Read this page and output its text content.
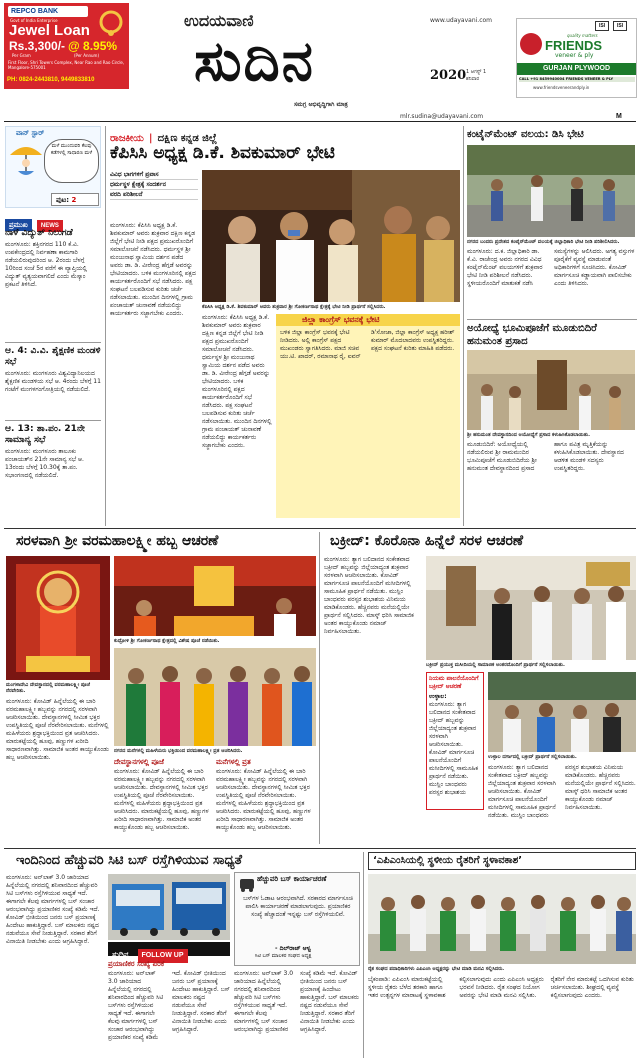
REPCO BANK
Govt of India Enterprise
Jewel Loan
Rs.3,300/- @ 8.95%
Per Gram	(Per Annum)
First Floor, Shri Towers Complex, Near Rao and Rao Circle, Mangalore-575001
PH: 0824-2443810, 9449833810
ಉದಯವಾಣಿ	www.udayavani.com
ಸುದಿನ	2020 1 ಆಗಸ್ಟ್ 1
ಶನಿವಾರ
ಸಮಗ್ರ ಅಭಿವೃದ್ಧಿಗಾಗಿ ಮಾತ್ರ
mlr.sudina@udayavani.com	M
ISI	ISI
quality matters
FRIENDS
veneer & ply
GURJAN PLYWOOD
CALL +91 8459940004 FRIENDS VENEER & PLY
www.friendsveneerandply.in
ವಾನ್ ಸ್ಟಾರ್
ಮಳೆ ಮುಂದುವರಿ ಕೆಲವು ಕಡೆಗಳಲ್ಲಿ ಸಾಧಾರಣ ಮಳೆ
ಪುಟ: 2
ಪ್ರಮುಖ NEWS
ನಾಳೆ ವಿದ್ಯುತ್ ನಿಲುಗಡೆ
ಮಂಗಳೂರು: ಶಕ್ತಿನಗರದ 110 ಕೆ.ವಿ. ಉಪಕೇಂದ್ರದಲ್ಲಿ ನಿರ್ವಹಣಾ ಕಾಮಗಾರಿ ನಡೆಯಲಿರುವುದರಿಂದ ಆ. 2ರಂದು ಬೆಳಗ್ಗೆ 10ರಿಂದ ಸಂಜೆ 5ರ ವರೆಗೆ ಈ ವ್ಯಾಪ್ತಿಯಲ್ಲಿ ವಿದ್ಯುತ್ ವ್ಯತ್ಯಯವಾಗಲಿದೆ ಎಂದು ಮೆಸ್ಕಾಂ ಪ್ರಕಟನೆ ತಿಳಿಸಿದೆ.
ಆ. 4: ವಿ.ವಿ. ಶೈಕ್ಷಣಿಕ ಮಂಡಳಿ ಸಭೆ
ಮಂಗಳೂರು: ಮಂಗಳೂರು ವಿಶ್ವವಿದ್ಯಾನಿಲಯದ ಶೈಕ್ಷಣಿಕ ಮಂಡಳಿಯ ಸಭೆ ಆ. 4ರಂದು ಬೆಳಗ್ಗೆ 11 ಗಂಟೆಗೆ ಮಂಗಳಗಂಗೋತ್ರಿಯಲ್ಲಿ ನಡೆಯಲಿದೆ.
ಆ. 13: ತಾ.ಪಂ. 21ನೇ ಸಾಮಾನ್ಯ ಸಭೆ
ಮಂಗಳೂರು: ಮಂಗಳೂರು ತಾಲೂಕು ಪಂಚಾಯತ್‌ನ 21ನೇ ಸಾಮಾನ್ಯ ಸಭೆ ಆ. 13ರಂದು ಬೆಳಗ್ಗೆ 10.30ಕ್ಕೆ ತಾ.ಪಂ. ಸಭಾಂಗಣದಲ್ಲಿ ನಡೆಯಲಿದೆ.
ರಾಜಕೀಯ | ದಕ್ಷಿಣ ಕನ್ನಡ ಜಿಲ್ಲೆ
ಕೆಪಿಸಿಸಿ ಅಧ್ಯಕ್ಷ ಡಿ.ಕೆ. ಶಿವಕುಮಾರ್ ಭೇಟಿ
ವಿವಿಧ ಭಾಗಗಳಿಗೆ ಪ್ರವಾಸ
ಧರ್ಮಸ್ಥಳ ಕ್ಷೇತ್ರಕ್ಕೆ ಸಂದರ್ಶನ
ವರದಿ ಪರಿಶೀಲನೆ
ಮಂಗಳೂರು: ಕೆಪಿಸಿಸಿ ಅಧ್ಯಕ್ಷ ಡಿ.ಕೆ. ಶಿವಕುಮಾರ್ ಅವರು ಶುಕ್ರವಾರ ದಕ್ಷಿಣ ಕನ್ನಡ ಜಿಲ್ಲೆಗೆ ಭೇಟಿ ನೀಡಿ ಪಕ್ಷದ ಪ್ರಮುಖರೊಂದಿಗೆ ಸಮಾಲೋಚನೆ ನಡೆಸಿದರು. ಧರ್ಮಸ್ಥಳ ಶ್ರೀ ಮಂಜುನಾಥ ಸ್ವಾಮಿಯ ದರ್ಶನ ಪಡೆದ ಅವರು ಡಾ. ಡಿ. ವೀರೇಂದ್ರ ಹೆಗ್ಗಡೆ ಅವರನ್ನು ಭೇಟಿಯಾದರು. ಬಳಿಕ ಮಂಗಳೂರಿನಲ್ಲಿ ಪಕ್ಷದ ಕಾರ್ಯಕರ್ತರೊಂದಿಗೆ ಸಭೆ ನಡೆಸಿದರು. ಪಕ್ಷ ಸಂಘಟನೆ ಬಲಪಡಿಸುವ ಕುರಿತು ಚರ್ಚೆ ನಡೆಸಲಾಯಿತು. ಮುಂದಿನ ದಿನಗಳಲ್ಲಿ ಗ್ರಾಮ ಪಂಚಾಯತ್ ಚುನಾವಣೆ ನಡೆಯಲಿದ್ದು ಕಾರ್ಯಕರ್ತರು ಸಜ್ಜಾಗಬೇಕು ಎಂದರು.
ಕೆಪಿಸಿಸಿ ಅಧ್ಯಕ್ಷ ಡಿ.ಕೆ. ಶಿವಕುಮಾರ್ ಅವರು ಶುಕ್ರವಾರ ಶ್ರೀ ಗೋಕರ್ಣನಾಥ ಕ್ಷೇತ್ರಕ್ಕೆ ಭೇಟಿ ನೀಡಿ ಪ್ರಾರ್ಥನೆ ಸಲ್ಲಿಸಿದರು.
ಮಂಗಳೂರು: ಕೆಪಿಸಿಸಿ ಅಧ್ಯಕ್ಷ ಡಿ.ಕೆ. ಶಿವಕುಮಾರ್ ಅವರು ಶುಕ್ರವಾರ ದಕ್ಷಿಣ ಕನ್ನಡ ಜಿಲ್ಲೆಗೆ ಭೇಟಿ ನೀಡಿ ಪಕ್ಷದ ಪ್ರಮುಖರೊಂದಿಗೆ ಸಮಾಲೋಚನೆ ನಡೆಸಿದರು. ಧರ್ಮಸ್ಥಳ ಶ್ರೀ ಮಂಜುನಾಥ ಸ್ವಾಮಿಯ ದರ್ಶನ ಪಡೆದ ಅವರು ಡಾ. ಡಿ. ವೀರೇಂದ್ರ ಹೆಗ್ಗಡೆ ಅವರನ್ನು ಭೇಟಿಯಾದರು. ಬಳಿಕ ಮಂಗಳೂರಿನಲ್ಲಿ ಪಕ್ಷದ ಕಾರ್ಯಕರ್ತರೊಂದಿಗೆ ಸಭೆ ನಡೆಸಿದರು. ಪಕ್ಷ ಸಂಘಟನೆ ಬಲಪಡಿಸುವ ಕುರಿತು ಚರ್ಚೆ ನಡೆಸಲಾಯಿತು. ಮುಂದಿನ ದಿನಗಳಲ್ಲಿ ಗ್ರಾಮ ಪಂಚಾಯತ್ ಚುನಾವಣೆ ನಡೆಯಲಿದ್ದು ಕಾರ್ಯಕರ್ತರು ಸಜ್ಜಾಗಬೇಕು ಎಂದರು.
ಜಿಲ್ಲಾ ಕಾಂಗ್ರೆಸ್ ಭವನಕ್ಕೆ ಭೇಟಿ
ಬಳಿಕ ಜಿಲ್ಲಾ ಕಾಂಗ್ರೆಸ್ ಭವನಕ್ಕೆ ಭೇಟಿ ನೀಡಿದರು. ಅಲ್ಲಿ ಕಾಂಗ್ರೆಸ್ ಪಕ್ಷದ ಮುಖಂಡರು ಸ್ವಾಗತಿಸಿದರು. ಮಾಜಿ ಸಚಿವ ಯು.ಟಿ. ಖಾದರ್, ರಮಾನಾಥ ರೈ, ಐವನ್ ಡಿ'ಸೋಜಾ, ಜಿಲ್ಲಾ ಕಾಂಗ್ರೆಸ್ ಅಧ್ಯಕ್ಷ ಹರೀಶ್ ಕುಮಾರ್ ಮೊದಲಾದವರು ಉಪಸ್ಥಿತರಿದ್ದರು. ಪಕ್ಷದ ಸಂಘಟನೆ ಕುರಿತು ಮಾಹಿತಿ ಪಡೆದರು.
ಕಂಟೈನ್‌ಮೆಂಟ್ ವಲಯ: ಡಿಸಿ ಭೇಟಿ
ನಗರದ ಬಂದರು ಪ್ರದೇಶದ ಕಂಟೈನ್‌ಮೆಂಟ್ ವಲಯಕ್ಕೆ ಜಿಲ್ಲಾಧಿಕಾರಿ ಭೇಟಿ ನೀಡಿ ಪರಿಶೀಲಿಸಿದರು.
ಮಂಗಳೂರು: ದ.ಕ. ಜಿಲ್ಲಾಧಿಕಾರಿ ಡಾ. ಕೆ.ವಿ. ರಾಜೇಂದ್ರ ಅವರು ನಗರದ ವಿವಿಧ ಕಂಟೈನ್‌ಮೆಂಟ್ ವಲಯಗಳಿಗೆ ಶುಕ್ರವಾರ ಭೇಟಿ ನೀಡಿ ಪರಿಶೀಲನೆ ನಡೆಸಿದರು. ಸ್ಥಳೀಯರೊಂದಿಗೆ ಮಾತುಕತೆ ನಡೆಸಿ ಸಮಸ್ಯೆಗಳನ್ನು ಆಲಿಸಿದರು. ಅಗತ್ಯ ವಸ್ತುಗಳ ಪೂರೈಕೆಗೆ ವ್ಯವಸ್ಥೆ ಮಾಡುವಂತೆ ಅಧಿಕಾರಿಗಳಿಗೆ ಸೂಚಿಸಿದರು. ಕೋವಿಡ್ ಮಾರ್ಗಸೂಚಿ ಕಡ್ಡಾಯವಾಗಿ ಪಾಲಿಸಬೇಕು ಎಂದು ತಿಳಿಸಿದರು.
ಅಯೋಧ್ಯೆ ಭೂಮಿಪೂಜೆಗೆ ಮೂಡುಬಿದಿರೆ ಹನುಮಂತ ಪ್ರಸಾದ
ಶ್ರೀ ಹನುಮಂತ ದೇವಸ್ಥಾನದಿಂದ ಅಯೋಧ್ಯೆಗೆ ಪ್ರಸಾದ ಕಳುಹಿಸಿಕೊಡಲಾಯಿತು.
ಮೂಡುಬಿದಿರೆ: ಅಯೋಧ್ಯೆಯಲ್ಲಿ ನಡೆಯಲಿರುವ ಶ್ರೀ ರಾಮಮಂದಿರ ಭೂಮಿಪೂಜೆಗೆ ಮೂಡುಬಿದಿರೆಯ ಶ್ರೀ ಹನುಮಂತ ದೇವಸ್ಥಾನದಿಂದ ಪ್ರಸಾದ ಹಾಗೂ ಪವಿತ್ರ ಮೃತ್ತಿಕೆಯನ್ನು ಕಳುಹಿಸಿಕೊಡಲಾಯಿತು. ದೇವಸ್ಥಾನದ ಆಡಳಿತ ಮಂಡಳಿ ಸದಸ್ಯರು ಉಪಸ್ಥಿತರಿದ್ದರು.
ಸರಳವಾಗಿ ಶ್ರೀ ವರಮಹಾಲಕ್ಷ್ಮೀ ಹಬ್ಬ ಆಚರಣೆ
ಮಂಗಳಾದೇವಿ ದೇವಸ್ಥಾನದಲ್ಲಿ ವರಮಹಾಲಕ್ಷ್ಮೀ ಪೂಜೆ ನೆರವೇರಿತು.
ಮಂಗಳೂರು: ಕೋವಿಡ್ ಹಿನ್ನೆಲೆಯಲ್ಲಿ ಈ ಬಾರಿ ವರಮಹಾಲಕ್ಷ್ಮೀ ಹಬ್ಬವನ್ನು ನಗರದಲ್ಲಿ ಸರಳವಾಗಿ ಆಚರಿಸಲಾಯಿತು. ದೇವಸ್ಥಾನಗಳಲ್ಲಿ ಸೀಮಿತ ಭಕ್ತರ ಉಪಸ್ಥಿತಿಯಲ್ಲಿ ಪೂಜೆ ನೆರವೇರಿಸಲಾಯಿತು. ಮನೆಗಳಲ್ಲಿ ಮಹಿಳೆಯರು ಶ್ರದ್ಧಾಭಕ್ತಿಯಿಂದ ವ್ರತ ಆಚರಿಸಿದರು. ಮಾರುಕಟ್ಟೆಯಲ್ಲಿ ಹೂವು, ಹಣ್ಣುಗಳ ಖರೀದಿ ಸಾಧಾರಣವಾಗಿತ್ತು. ಸಾಮಾಜಿಕ ಅಂತರ ಕಾಯ್ದುಕೊಂಡು ಹಬ್ಬ ಆಚರಿಸಲಾಯಿತು.
ಕುದ್ರೋಳಿ ಶ್ರೀ ಗೋಕರ್ಣನಾಥ ಕ್ಷೇತ್ರದಲ್ಲಿ ವಿಶೇಷ ಪೂಜೆ ನಡೆಯಿತು.
ನಗರದ ಮನೆಗಳಲ್ಲಿ ಮಹಿಳೆಯರು ಭಕ್ತಿಯಿಂದ ವರಮಹಾಲಕ್ಷ್ಮೀ ವ್ರತ ಆಚರಿಸಿದರು.
ದೇವಸ್ಥಾನಗಳಲ್ಲಿ ಪೂಜೆ
ಮಂಗಳೂರು: ಕೋವಿಡ್ ಹಿನ್ನೆಲೆಯಲ್ಲಿ ಈ ಬಾರಿ ವರಮಹಾಲಕ್ಷ್ಮೀ ಹಬ್ಬವನ್ನು ನಗರದಲ್ಲಿ ಸರಳವಾಗಿ ಆಚರಿಸಲಾಯಿತು. ದೇವಸ್ಥಾನಗಳಲ್ಲಿ ಸೀಮಿತ ಭಕ್ತರ ಉಪಸ್ಥಿತಿಯಲ್ಲಿ ಪೂಜೆ ನೆರವೇರಿಸಲಾಯಿತು. ಮನೆಗಳಲ್ಲಿ ಮಹಿಳೆಯರು ಶ್ರದ್ಧಾಭಕ್ತಿಯಿಂದ ವ್ರತ ಆಚರಿಸಿದರು. ಮಾರುಕಟ್ಟೆಯಲ್ಲಿ ಹೂವು, ಹಣ್ಣುಗಳ ಖರೀದಿ ಸಾಧಾರಣವಾಗಿತ್ತು. ಸಾಮಾಜಿಕ ಅಂತರ ಕಾಯ್ದುಕೊಂಡು ಹಬ್ಬ ಆಚರಿಸಲಾಯಿತು.
ಮನೆಗಳಲ್ಲಿ ವ್ರತ
ಮಂಗಳೂರು: ಕೋವಿಡ್ ಹಿನ್ನೆಲೆಯಲ್ಲಿ ಈ ಬಾರಿ ವರಮಹಾಲಕ್ಷ್ಮೀ ಹಬ್ಬವನ್ನು ನಗರದಲ್ಲಿ ಸರಳವಾಗಿ ಆಚರಿಸಲಾಯಿತು. ದೇವಸ್ಥಾನಗಳಲ್ಲಿ ಸೀಮಿತ ಭಕ್ತರ ಉಪಸ್ಥಿತಿಯಲ್ಲಿ ಪೂಜೆ ನೆರವೇರಿಸಲಾಯಿತು. ಮನೆಗಳಲ್ಲಿ ಮಹಿಳೆಯರು ಶ್ರದ್ಧಾಭಕ್ತಿಯಿಂದ ವ್ರತ ಆಚರಿಸಿದರು. ಮಾರುಕಟ್ಟೆಯಲ್ಲಿ ಹೂವು, ಹಣ್ಣುಗಳ ಖರೀದಿ ಸಾಧಾರಣವಾಗಿತ್ತು. ಸಾಮಾಜಿಕ ಅಂತರ ಕಾಯ್ದುಕೊಂಡು ಹಬ್ಬ ಆಚರಿಸಲಾಯಿತು.
ಬಕ್ರೀದ್: ಕೊರೊನಾ ಹಿನ್ನೆಲೆ ಸರಳ ಆಚರಣೆ
ಮಂಗಳೂರು: ತ್ಯಾಗ ಬಲಿದಾನದ ಸಂಕೇತವಾದ ಬಕ್ರೀದ್ ಹಬ್ಬವನ್ನು ಜಿಲ್ಲೆಯಾದ್ಯಂತ ಶುಕ್ರವಾರ ಸರಳವಾಗಿ ಆಚರಿಸಲಾಯಿತು. ಕೋವಿಡ್ ಮಾರ್ಗಸೂಚಿ ಪಾಲನೆಯೊಂದಿಗೆ ಮಸೀದಿಗಳಲ್ಲಿ ಸಾಮೂಹಿಕ ಪ್ರಾರ್ಥನೆ ನಡೆಯಿತು. ಮುಸ್ಲಿಂ ಬಾಂಧವರು ಪರಸ್ಪರ ಶುಭಾಶಯ ವಿನಿಮಯ ಮಾಡಿಕೊಂಡರು. ಹೆಚ್ಚಿನವರು ಮನೆಯಲ್ಲಿಯೇ ಪ್ರಾರ್ಥನೆ ಸಲ್ಲಿಸಿದರು. ಮಾಸ್ಕ್ ಧರಿಸಿ ಸಾಮಾಜಿಕ ಅಂತರ ಕಾಯ್ದುಕೊಂಡು ನಮಾಜ್ ನಿರ್ವಹಿಸಲಾಯಿತು.
ಬಕ್ರೀದ್ ಪ್ರಯುಕ್ತ ಮಸೀದಿಯಲ್ಲಿ ಸಾಮಾಜಿಕ ಅಂತರದೊಂದಿಗೆ ಪ್ರಾರ್ಥನೆ ಸಲ್ಲಿಸಲಾಯಿತು.
ನಿಯಮ ಪಾಲನೆಯೊಂದಿಗೆ ಬಕ್ರೀದ್ ಆಚರಣೆ
ಉಳ್ಳಾಲ:
ಮಂಗಳೂರು: ತ್ಯಾಗ ಬಲಿದಾನದ ಸಂಕೇತವಾದ ಬಕ್ರೀದ್ ಹಬ್ಬವನ್ನು ಜಿಲ್ಲೆಯಾದ್ಯಂತ ಶುಕ್ರವಾರ ಸರಳವಾಗಿ ಆಚರಿಸಲಾಯಿತು. ಕೋವಿಡ್ ಮಾರ್ಗಸೂಚಿ ಪಾಲನೆಯೊಂದಿಗೆ ಮಸೀದಿಗಳಲ್ಲಿ ಸಾಮೂಹಿಕ ಪ್ರಾರ್ಥನೆ ನಡೆಯಿತು. ಮುಸ್ಲಿಂ ಬಾಂಧವರು ಪರಸ್ಪರ ಶುಭಾಶಯ
ಉಳ್ಳಾಲ ದರ್ಗಾದಲ್ಲಿ ಬಕ್ರೀದ್ ಪ್ರಾರ್ಥನೆ ಸಲ್ಲಿಸಲಾಯಿತು.
ಮಂಗಳೂರು: ತ್ಯಾಗ ಬಲಿದಾನದ ಸಂಕೇತವಾದ ಬಕ್ರೀದ್ ಹಬ್ಬವನ್ನು ಜಿಲ್ಲೆಯಾದ್ಯಂತ ಶುಕ್ರವಾರ ಸರಳವಾಗಿ ಆಚರಿಸಲಾಯಿತು. ಕೋವಿಡ್ ಮಾರ್ಗಸೂಚಿ ಪಾಲನೆಯೊಂದಿಗೆ ಮಸೀದಿಗಳಲ್ಲಿ ಸಾಮೂಹಿಕ ಪ್ರಾರ್ಥನೆ ನಡೆಯಿತು. ಮುಸ್ಲಿಂ ಬಾಂಧವರು ಪರಸ್ಪರ ಶುಭಾಶಯ ವಿನಿಮಯ ಮಾಡಿಕೊಂಡರು. ಹೆಚ್ಚಿನವರು ಮನೆಯಲ್ಲಿಯೇ ಪ್ರಾರ್ಥನೆ ಸಲ್ಲಿಸಿದರು. ಮಾಸ್ಕ್ ಧರಿಸಿ ಸಾಮಾಜಿಕ ಅಂತರ ಕಾಯ್ದುಕೊಂಡು ನಮಾಜ್ ನಿರ್ವಹಿಸಲಾಯಿತು.
ಇಂದಿನಿಂದ ಹೆಚ್ಚುವರಿ ಸಿಟಿ ಬಸ್ ರಸ್ತೆಗಿಳಿಯುವ ಸಾಧ್ಯತೆ
ಮಂಗಳೂರು: ಅನ್‌ಲಾಕ್ 3.0 ಜಾರಿಯಾದ ಹಿನ್ನೆಲೆಯಲ್ಲಿ ನಗರದಲ್ಲಿ ಶನಿವಾರದಿಂದ ಹೆಚ್ಚುವರಿ ಸಿಟಿ ಬಸ್‌ಗಳು ರಸ್ತೆಗಿಳಿಯುವ ಸಾಧ್ಯತೆ ಇದೆ. ಈಗಾಗಲೇ ಕೆಲವು ಮಾರ್ಗಗಳಲ್ಲಿ ಬಸ್ ಸಂಚಾರ ಆರಂಭವಾಗಿದ್ದು ಪ್ರಯಾಣಿಕರ ಸಂಖ್ಯೆ ಕಡಿಮೆ ಇದೆ. ಕೋವಿಡ್ ಭೀತಿಯಿಂದ ಜನರು ಬಸ್ ಪ್ರಯಾಣಕ್ಕೆ ಹಿಂದೇಟು ಹಾಕುತ್ತಿದ್ದಾರೆ. ಬಸ್ ಮಾಲಕರು ನಷ್ಟದ ನಡುವೆಯೂ ಸೇವೆ ನೀಡುತ್ತಿದ್ದಾರೆ. ಸರಕಾರ ತೆರಿಗೆ ವಿನಾಯಿತಿ ನೀಡಬೇಕು ಎಂದು ಆಗ್ರಹಿಸಿದ್ದಾರೆ.
ಸುದಿನ FOLLOW UP
ಪ್ರಯಾಣಿಕರ ಸಂಖ್ಯೆ ಏರಿಕೆ
ಮಂಗಳೂರು: ಅನ್‌ಲಾಕ್ 3.0 ಜಾರಿಯಾದ ಹಿನ್ನೆಲೆಯಲ್ಲಿ ನಗರದಲ್ಲಿ ಶನಿವಾರದಿಂದ ಹೆಚ್ಚುವರಿ ಸಿಟಿ ಬಸ್‌ಗಳು ರಸ್ತೆಗಿಳಿಯುವ ಸಾಧ್ಯತೆ ಇದೆ. ಈಗಾಗಲೇ ಕೆಲವು ಮಾರ್ಗಗಳಲ್ಲಿ ಬಸ್ ಸಂಚಾರ ಆರಂಭವಾಗಿದ್ದು ಪ್ರಯಾಣಿಕರ ಸಂಖ್ಯೆ ಕಡಿಮೆ ಇದೆ. ಕೋವಿಡ್ ಭೀತಿಯಿಂದ ಜನರು ಬಸ್ ಪ್ರಯಾಣಕ್ಕೆ ಹಿಂದೇಟು ಹಾಕುತ್ತಿದ್ದಾರೆ. ಬಸ್ ಮಾಲಕರು ನಷ್ಟದ ನಡುವೆಯೂ ಸೇವೆ ನೀಡುತ್ತಿದ್ದಾರೆ. ಸರಕಾರ ತೆರಿಗೆ ವಿನಾಯಿತಿ ನೀಡಬೇಕು ಎಂದು ಆಗ್ರಹಿಸಿದ್ದಾರೆ.
ಹೆಚ್ಚುವರಿ ಬಸ್ ಕಾರ್ಯಾಚರಣೆ
ಬಸ್‌ಗಳ ಓಡಾಟ ಆರಂಭವಾಗಿದೆ. ಸರಕಾರದ ಮಾರ್ಗಸೂಚಿ ಪಾಲಿಸಿ ಕಾರ್ಯಾಚರಣೆ ಮಾಡಲಾಗುವುದು. ಪ್ರಯಾಣಿಕರ ಸಂಖ್ಯೆ ಹೆಚ್ಚಾದಂತೆ ಇನ್ನಷ್ಟು ಬಸ್ ರಸ್ತೆಗಿಳಿಯಲಿವೆ.
- ದಿಲ್‌ರಾಜ್ ಆಳ್ವ
ಸಿಟಿ ಬಸ್ ಮಾಲಕರ ಸಂಘದ ಅಧ್ಯಕ್ಷ
ಮಂಗಳೂರು: ಅನ್‌ಲಾಕ್ 3.0 ಜಾರಿಯಾದ ಹಿನ್ನೆಲೆಯಲ್ಲಿ ನಗರದಲ್ಲಿ ಶನಿವಾರದಿಂದ ಹೆಚ್ಚುವರಿ ಸಿಟಿ ಬಸ್‌ಗಳು ರಸ್ತೆಗಿಳಿಯುವ ಸಾಧ್ಯತೆ ಇದೆ. ಈಗಾಗಲೇ ಕೆಲವು ಮಾರ್ಗಗಳಲ್ಲಿ ಬಸ್ ಸಂಚಾರ ಆರಂಭವಾಗಿದ್ದು ಪ್ರಯಾಣಿಕರ ಸಂಖ್ಯೆ ಕಡಿಮೆ ಇದೆ. ಕೋವಿಡ್ ಭೀತಿಯಿಂದ ಜನರು ಬಸ್ ಪ್ರಯಾಣಕ್ಕೆ ಹಿಂದೇಟು ಹಾಕುತ್ತಿದ್ದಾರೆ. ಬಸ್ ಮಾಲಕರು ನಷ್ಟದ ನಡುವೆಯೂ ಸೇವೆ ನೀಡುತ್ತಿದ್ದಾರೆ. ಸರಕಾರ ತೆರಿಗೆ ವಿನಾಯಿತಿ ನೀಡಬೇಕು ಎಂದು ಆಗ್ರಹಿಸಿದ್ದಾರೆ.
‘ಎಪಿಎಂಸಿಯಲ್ಲಿ ಸ್ಥಳೀಯ ರೈತರಿಗೆ ಸ್ಥಳಾವಕಾಶ’
ರೈತ ಸಂಘದ ಪದಾಧಿಕಾರಿಗಳು ಎಪಿಎಂಸಿ ಅಧ್ಯಕ್ಷರನ್ನು ಭೇಟಿ ಮಾಡಿ ಮನವಿ ಸಲ್ಲಿಸಿದರು.
ಬೈಕಂಪಾಡಿ: ಎಪಿಎಂಸಿ ಮಾರುಕಟ್ಟೆಯಲ್ಲಿ ಸ್ಥಳೀಯ ರೈತರು ಬೆಳೆದ ತರಕಾರಿ ಹಾಗೂ ಇತರ ಉತ್ಪನ್ನಗಳ ಮಾರಾಟಕ್ಕೆ ಸ್ಥಳಾವಕಾಶ ಕಲ್ಪಿಸಲಾಗುವುದು ಎಂದು ಎಪಿಎಂಸಿ ಅಧ್ಯಕ್ಷರು ಭರವಸೆ ನೀಡಿದರು. ರೈತ ಸಂಘದ ನಿಯೋಗ ಅವರನ್ನು ಭೇಟಿ ಮಾಡಿ ಮನವಿ ಸಲ್ಲಿಸಿತು. ರೈತರಿಗೆ ನೇರ ಮಾರುಕಟ್ಟೆ ಒದಗಿಸುವ ಕುರಿತು ಚರ್ಚಿಸಲಾಯಿತು. ಶೀಘ್ರದಲ್ಲಿ ವ್ಯವಸ್ಥೆ ಕಲ್ಪಿಸಲಾಗುವುದು ಎಂದರು.
